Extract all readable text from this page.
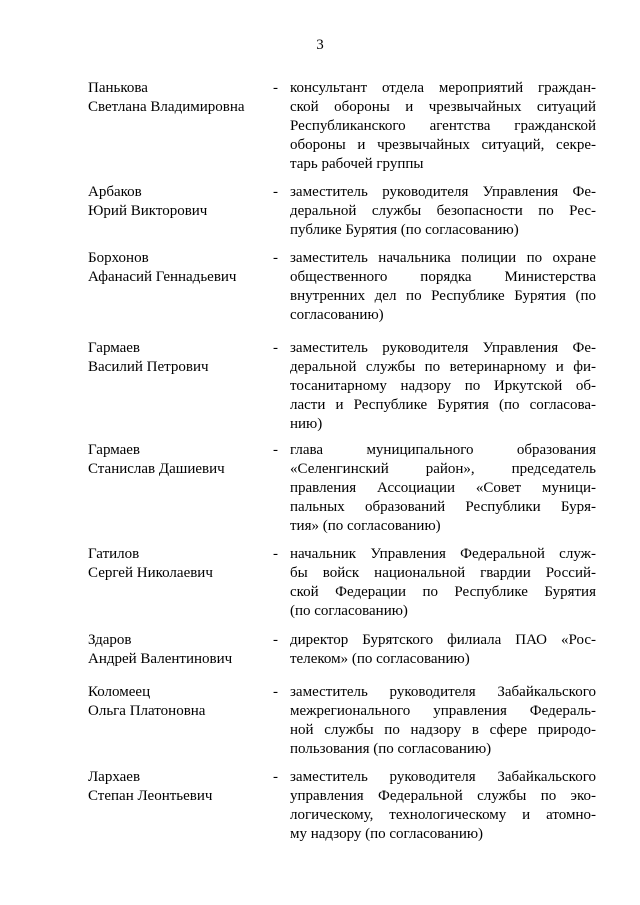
3
Панькова
Светлана Владимировна
- консультант отдела мероприятий граждан-
ской обороны и чрезвычайных ситуаций
Республиканского агентства гражданской
обороны и чрезвычайных ситуаций, секре-
тарь рабочей группы
Арбаков
Юрий Викторович
- заместитель руководителя Управления Фе-
деральной службы безопасности по Рес-
публике Бурятия (по согласованию)
Борхонов
Афанасий Геннадьевич
- заместитель начальника полиции по охране
общественного порядка Министерства
внутренних дел по Республике Бурятия (по
согласованию)
Гармаев
Василий Петрович
- заместитель руководителя Управления Фе-
деральной службы по ветеринарному и фи-
тосанитарному надзору по Иркутской об-
ласти и Республике Бурятия (по согласова-
нию)
Гармаев
Станислав Дашиевич
- глава муниципального образования
«Селенгинский район», председатель
правления Ассоциации «Совет муници-
пальных образований Республики Буря-
тия» (по согласованию)
Гатилов
Сергей Николаевич
- начальник Управления Федеральной служ-
бы войск национальной гвардии Россий-
ской Федерации по Республике Бурятия
(по согласованию)
Здаров
Андрей Валентинович
- директор Бурятского филиала ПАО «Рос-
телеком» (по согласованию)
Коломеец
Ольга Платоновна
- заместитель руководителя Забайкальского
межрегионального управления Федераль-
ной службы по надзору в сфере природо-
пользования (по согласованию)
Лархаев
Степан Леонтьевич
- заместитель руководителя Забайкальского
управления Федеральной службы по эко-
логическому, технологическому и атомно-
му надзору (по согласованию)
